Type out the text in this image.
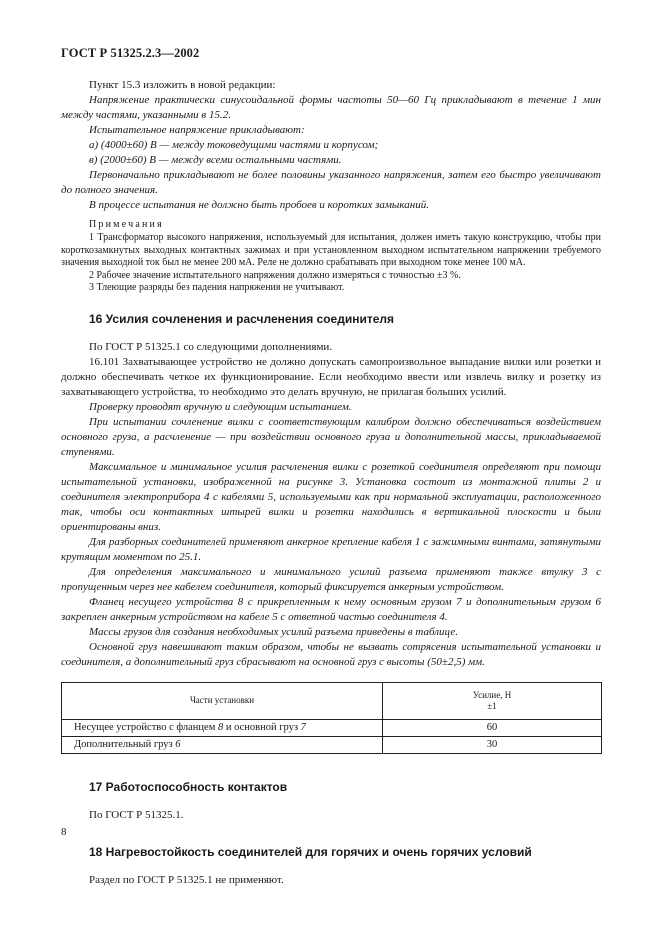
ГОСТ Р 51325.2.3—2002

Пункт 15.3 изложить в новой редакции:

Напряжение практически синусоидальной формы частоты 50—60 Гц прикладывают в течение 1 мин между частями, указанными в 15.2.

Испытательное напряжение прикладывают:

а) (4000±60) В — между токоведущими частями и корпусом;

в) (2000±60) В — между всеми остальными частями.

Первоначально прикладывают не более половины указанного напряжения, затем его быстро увеличивают до полного значения.

В процессе испытания не должно быть пробоев и коротких замыканий.

Примечания

1 Трансформатор высокого напряжения, используемый для испытания, должен иметь такую конструкцию, чтобы при короткозамкнутых выходных контактных зажимах и при установленном выходном испытательном напряжении требуемого значения выходной ток был не менее 200 мА. Реле не должно срабатывать при выходном токе менее 100 мА.

2 Рабочее значение испытательного напряжения должно измеряться с точностью ±3 %.

3 Тлеющие разряды без падения напряжения не учитывают.

16 Усилия сочленения и расчленения соединителя

По ГОСТ Р 51325.1 со следующими дополнениями.

16.101 Захватывающее устройство не должно допускать самопроизвольное выпадание вилки или розетки и должно обеспечивать четкое их функционирование. Если необходимо ввести или извлечь вилку и розетку из захватывающего устройства, то необходимо это делать вручную, не прилагая больших усилий.

Проверку проводят вручную и следующим испытанием.

При испытании сочленение вилки с соответствующим калибром должно обеспечиваться воздействием основного груза, а расчленение — при воздействии основного груза и дополнительной массы, прикладываемой ступенями.

Максимальное и минимальное усилия расчленения вилки с розеткой соединителя определяют при помощи испытательной установки, изображенной на рисунке 3. Установка состоит из монтажной плиты 2 и соединителя электроприбора 4 с кабелями 5, используемыми как при нормальной эксплуатации, расположенного так, чтобы оси контактных штырей вилки и розетки находились в вертикальной плоскости и были ориентированы вниз.

Для разборных соединителей применяют анкерное крепление кабеля 1 с зажимными винтами, затянутыми крутящим моментом по 25.1.

Для определения максимального и минимального усилий разъема применяют также втулку 3 с пропущенным через нее кабелем соединителя, который фиксируется анкерным устройством.

Фланец несущего устройства 8 с прикрепленным к нему основным грузом 7 и дополнительным грузом 6 закреплен анкерным устройством на кабеле 5 с ответной частью соединителя 4.

Массы грузов для создания необходимых усилий разъема приведены в таблице.

Основной груз навешивают таким образом, чтобы не вызвать сотрясения испытательной установки и соединителя, а дополнительный груз сбрасывают на основной груз с высоты (50±2,5) мм.

Части установки	Усилие, Н
±1

Несущее устройство с фланцем 8 и основной груз 7	60
Дополнительный груз 6	30

17 Работоспособность контактов

По ГОСТ Р 51325.1.

18 Нагревостойкость соединителей для горячих и очень горячих условий

Раздел по ГОСТ Р 51325.1 не применяют.

8
